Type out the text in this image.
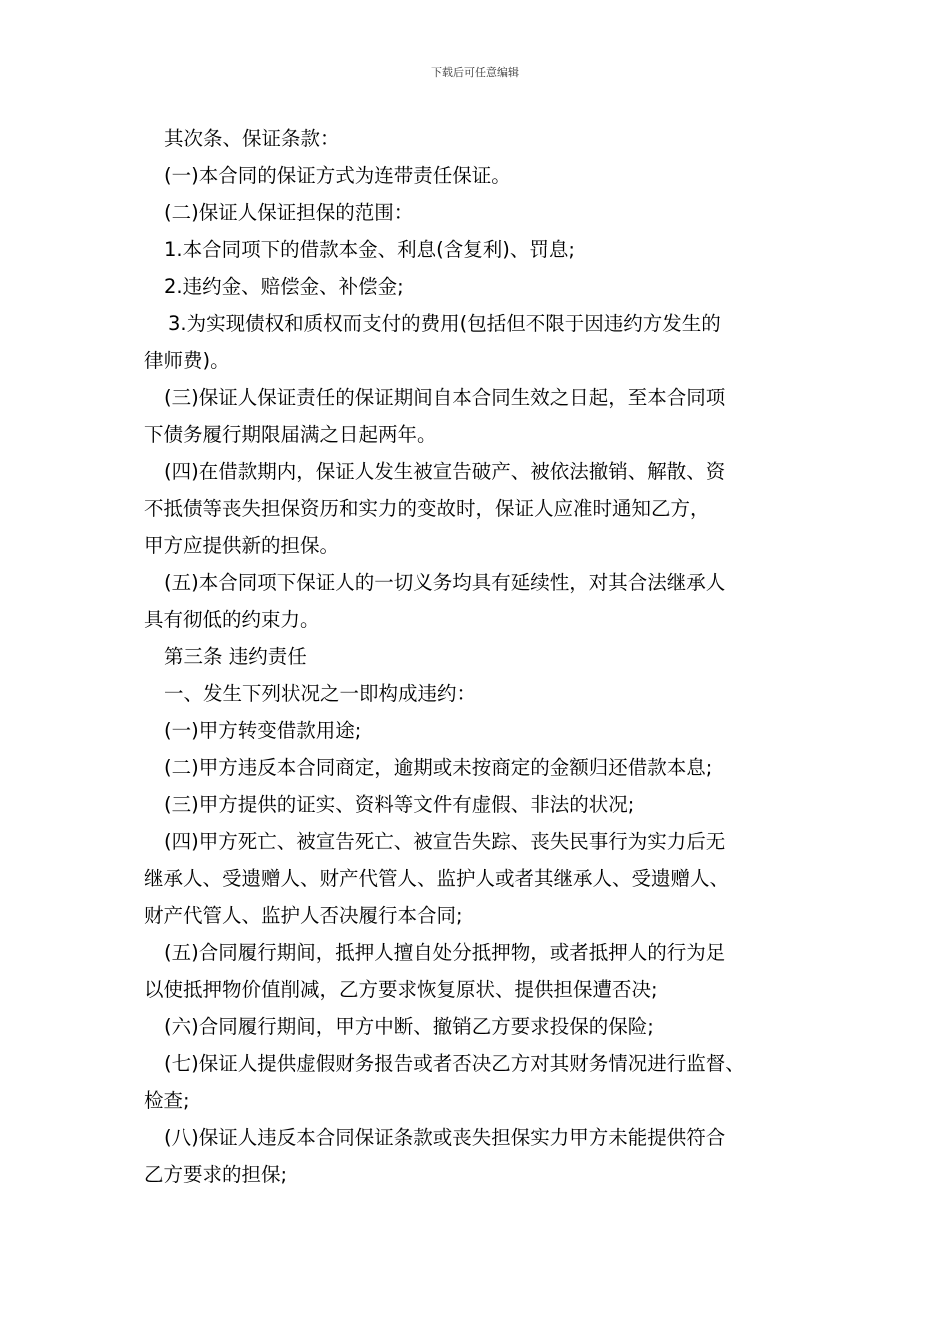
下载后可任意编辑
其次条、保证条款：
(一)本合同的保证方式为连带责任保证。
(二)保证人保证担保的范围：
1.本合同项下的借款本金、利息(含复利)、罚息;
2.违约金、赔偿金、补偿金;
3.为实现债权和质权而支付的费用(包括但不限于因违约方发生的
律师费)。
(三)保证人保证责任的保证期间自本合同生效之日起，至本合同项
下债务履行期限届满之日起两年。
(四)在借款期内，保证人发生被宣告破产、被依法撤销、解散、资
不抵债等丧失担保资历和实力的变故时，保证人应准时通知乙方，
甲方应提供新的担保。
(五)本合同项下保证人的一切义务均具有延续性，对其合法继承人
具有彻低的约束力。
第三条 违约责任
一、发生下列状况之一即构成违约：
(一)甲方转变借款用途;
(二)甲方违反本合同商定，逾期或未按商定的金额归还借款本息;
(三)甲方提供的证实、资料等文件有虚假、非法的状况;
(四)甲方死亡、被宣告死亡、被宣告失踪、丧失民事行为实力后无
继承人、受遗赠人、财产代管人、监护人或者其继承人、受遗赠人、
财产代管人、监护人否决履行本合同;
(五)合同履行期间，抵押人擅自处分抵押物，或者抵押人的行为足
以使抵押物价值削减，乙方要求恢复原状、提供担保遭否决;
(六)合同履行期间，甲方中断、撤销乙方要求投保的保险;
(七)保证人提供虚假财务报告或者否决乙方对其财务情况进行监督、
检查;
(八)保证人违反本合同保证条款或丧失担保实力甲方未能提供符合
乙方要求的担保;
